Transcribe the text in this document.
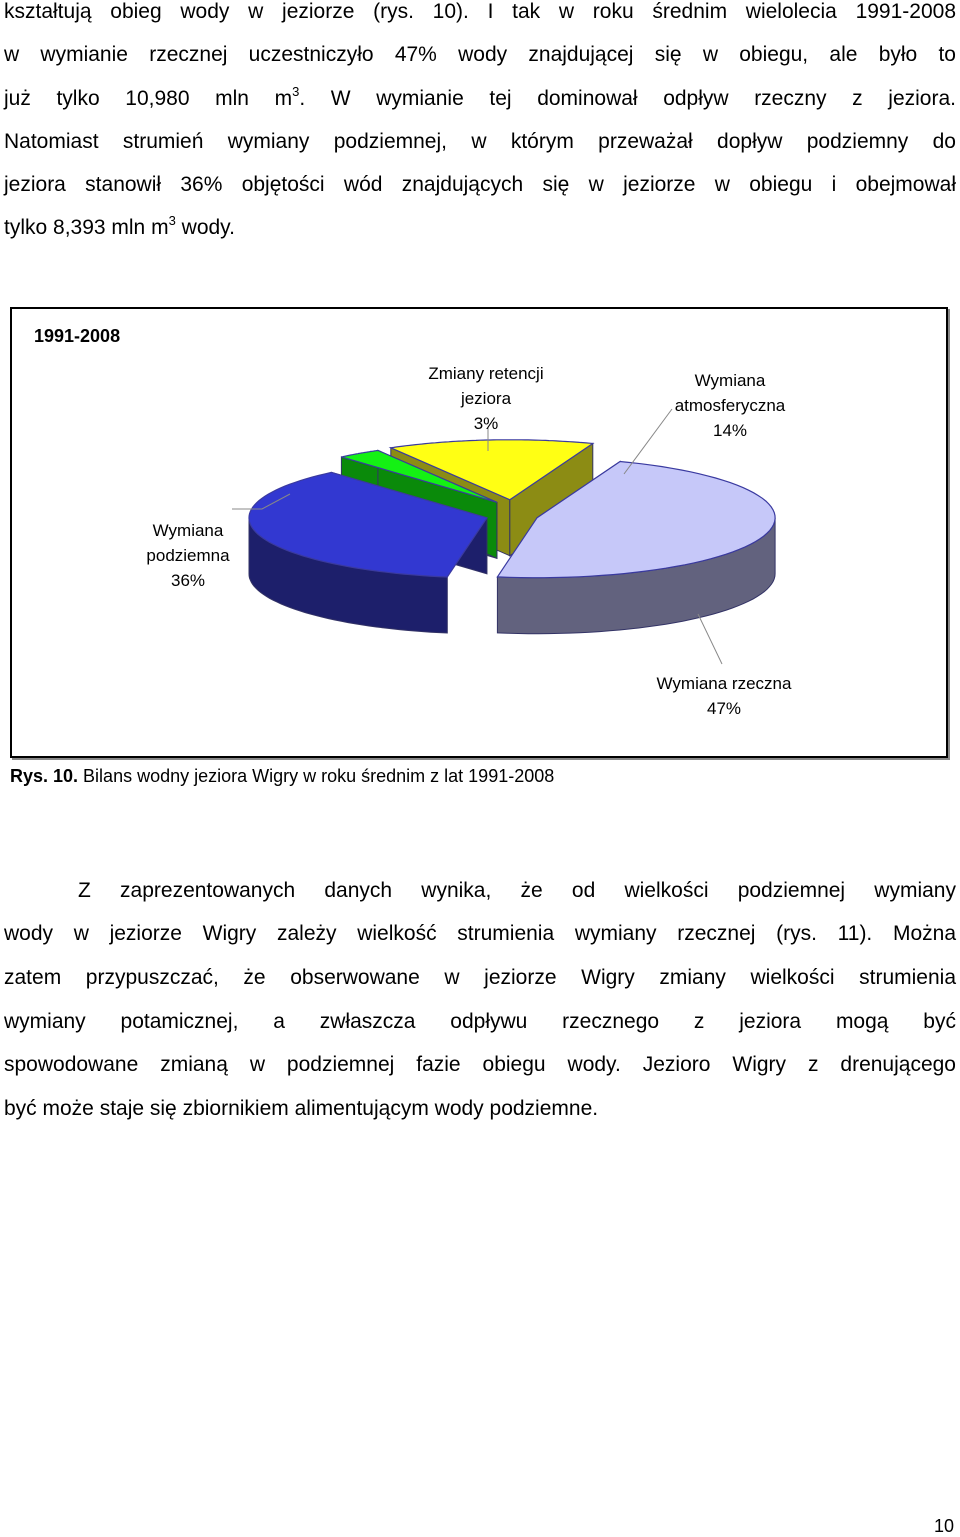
kształtują obieg wody w jeziorze (rys. 10). I tak w roku średnim wielolecia 1991-2008
w wymianie rzecznej uczestniczyło 47% wody znajdującej się w obiegu, ale było to
już tylko 10,980 mln $m^3$. W wymianie tej dominował odpływ rzeczny z jeziora.
Natomiast strumień wymiany podziemnej, w którym przeważał dopływ podziemny do
jeziora stanowił 36% objętości wód znajdujących się w jeziorze w obiegu i obejmował
tylko 8,393 mln $m^3$ wody.
1991-2008
Zmiany retencji
jeziora
3%
Wymiana
atmosferyczna
14%
Wymiana
podziemna
36%
Wymiana rzeczna
47%
Rys. 10. Bilans wodny jeziora Wigry w roku średnim z lat 1991-2008
Z zaprezentowanych danych wynika, że od wielkości podziemnej wymiany
wody w jeziorze Wigry zależy wielkość strumienia wymiany rzecznej (rys. 11). Można
zatem przypuszczać, że obserwowane w jeziorze Wigry zmiany wielkości strumienia
wymiany potamicznej, a zwłaszcza odpływu rzecznego z jeziora mogą być
spowodowane zmianą w podziemnej fazie obiegu wody. Jezioro Wigry z drenującego
być może staje się zbiornikiem alimentującym wody podziemne.
10
